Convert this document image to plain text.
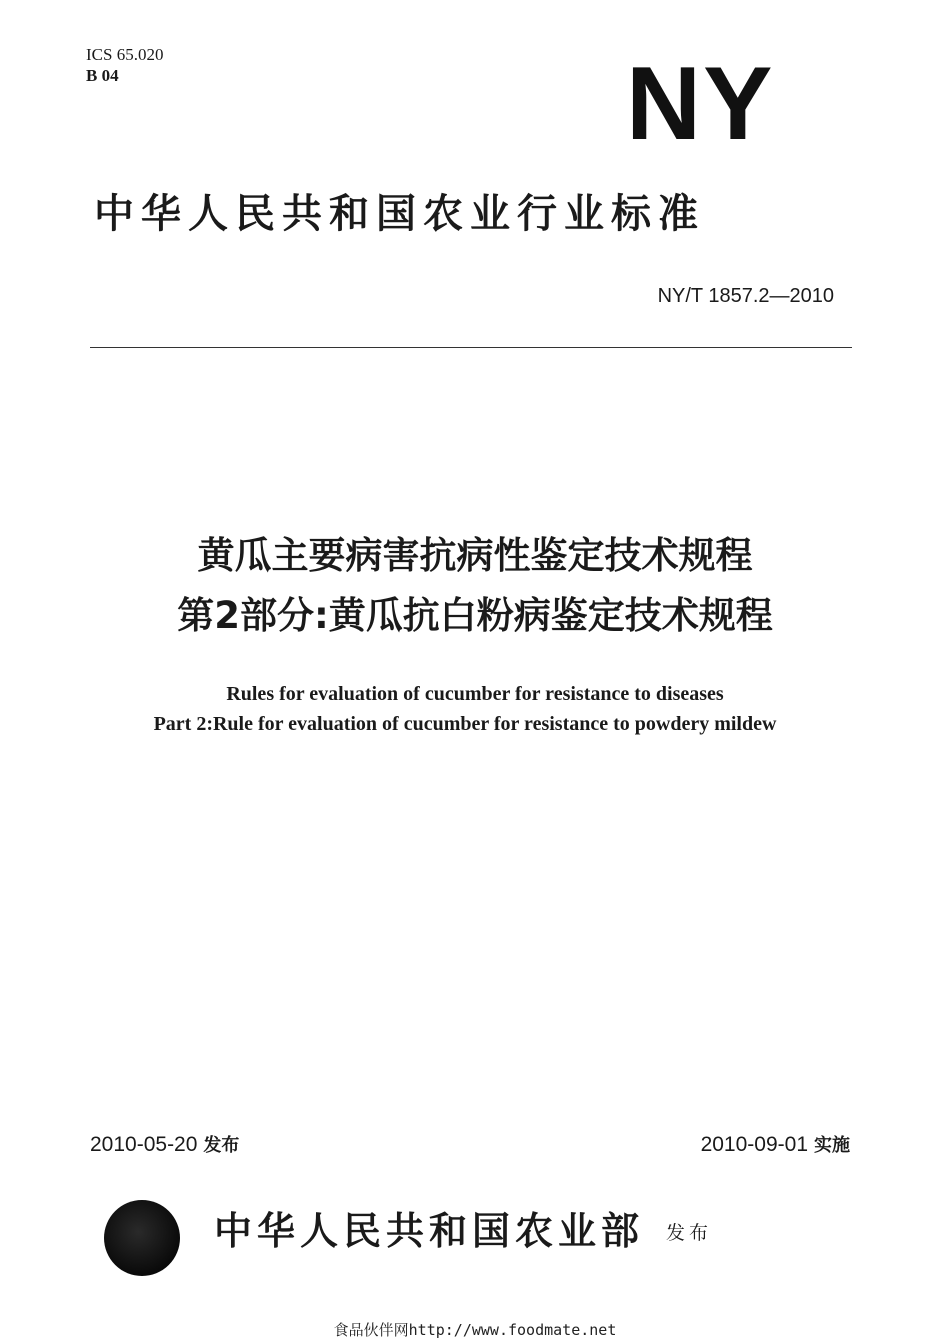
ICS 65.020
B 04	NY
中华人民共和国农业行业标准
NY/T 1857.2—2010
黄瓜主要病害抗病性鉴定技术规程
第2部分:黄瓜抗白粉病鉴定技术规程
Rules for evaluation of cucumber for resistance to diseases
Part 2:Rule for evaluation of cucumber for resistance to powdery mildew
2010-05-20 发布	2010-09-01 实施
中华人民共和国农业部 发布
食品伙伴网http://www.foodmate.net
